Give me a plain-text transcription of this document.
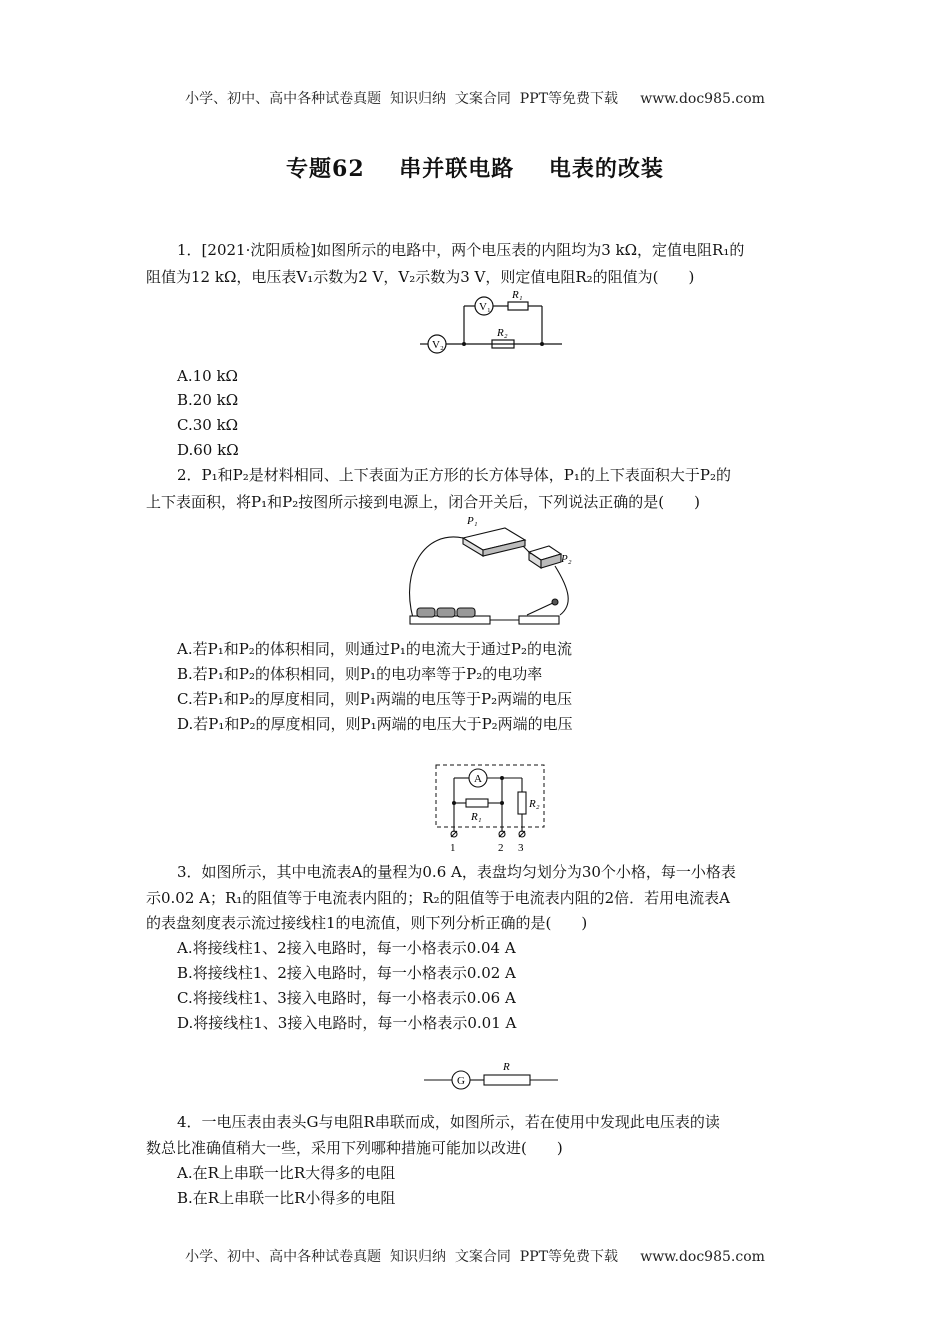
小学、初中、高中各种试卷真题  知识归纳  文案合同  PPT等免费下载     www.doc985.com
专题62    串并联电路    电表的改装
1．[2021·沈阳质检]如图所示的电路中，两个电压表的内阻均为3 kΩ，定值电阻R₁的
阻值为12 kΩ，电压表V₁示数为2 V，V₂示数为3 V，则定值电阻R₂的阻值为(　　)
V₂
V₁
R₁
R₂
A.10 kΩ
B.20 kΩ
C.30 kΩ
D.60 kΩ
2．P₁和P₂是材料相同、上下表面为正方形的长方体导体，P₁的上下表面积大于P₂的
上下表面积，将P₁和P₂按图所示接到电源上，闭合开关后，下列说法正确的是(　　)
P₁
P₂
A.若P₁和P₂的体积相同，则通过P₁的电流大于通过P₂的电流
B.若P₁和P₂的体积相同，则P₁的电功率等于P₂的电功率
C.若P₁和P₂的厚度相同，则P₁两端的电压等于P₂两端的电压
D.若P₁和P₂的厚度相同，则P₁两端的电压大于P₂两端的电压
A
R₁
R₂
1	2 3
3．如图所示，其中电流表A的量程为0.6 A，表盘均匀划分为30个小格，每一小格表
示0.02 A；R₁的阻值等于电流表内阻的；R₂的阻值等于电流表内阻的2倍．若用电流表A
的表盘刻度表示流过接线柱1的电流值，则下列分析正确的是(　　)
A.将接线柱1、2接入电路时，每一小格表示0.04 A
B.将接线柱1、2接入电路时，每一小格表示0.02 A
C.将接线柱1、3接入电路时，每一小格表示0.06 A
D.将接线柱1、3接入电路时，每一小格表示0.01 A
G
R
4．一电压表由表头G与电阻R串联而成，如图所示，若在使用中发现此电压表的读
数总比准确值稍大一些，采用下列哪种措施可能加以改进(　　)
A.在R上串联一比R大得多的电阻
B.在R上串联一比R小得多的电阻
小学、初中、高中各种试卷真题  知识归纳  文案合同  PPT等免费下载     www.doc985.com
